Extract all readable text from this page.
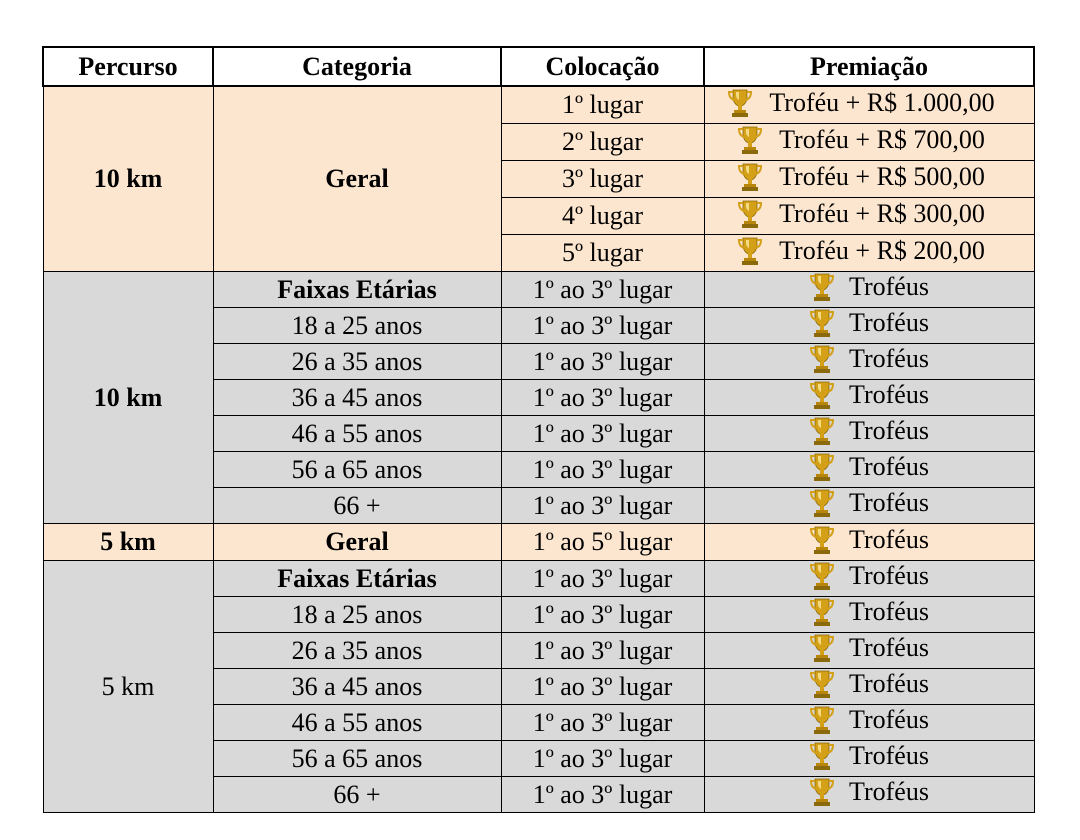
Percurso	Categoria	Colocação	Premiação
10 km	Geral	1º lugar	Troféu + R$ 1.000,00

		2º lugar	Troféu + R$ 700,00

		3º lugar	Troféu + R$ 500,00

		4º lugar	Troféu + R$ 300,00

		5º lugar	Troféu + R$ 200,00

10 km	Faixas Etárias	1º ao 3º lugar	Troféus

	18 a 25 anos	1º ao 3º lugar	Troféus

	26 a 35 anos	1º ao 3º lugar	Troféus

	36 a 45 anos	1º ao 3º lugar	Troféus

	46 a 55 anos	1º ao 3º lugar	Troféus

	56 a 65 anos	1º ao 3º lugar	Troféus

	66 +	1º ao 3º lugar	Troféus

5 km	Geral	1º ao 5º lugar	Troféus

5 km	Faixas Etárias	1º ao 3º lugar	Troféus

	18 a 25 anos	1º ao 3º lugar	Troféus

	26 a 35 anos	1º ao 3º lugar	Troféus

	36 a 45 anos	1º ao 3º lugar	Troféus

	46 a 55 anos	1º ao 3º lugar	Troféus

	56 a 65 anos	1º ao 3º lugar	Troféus

	66 +	1º ao 3º lugar	Troféus
